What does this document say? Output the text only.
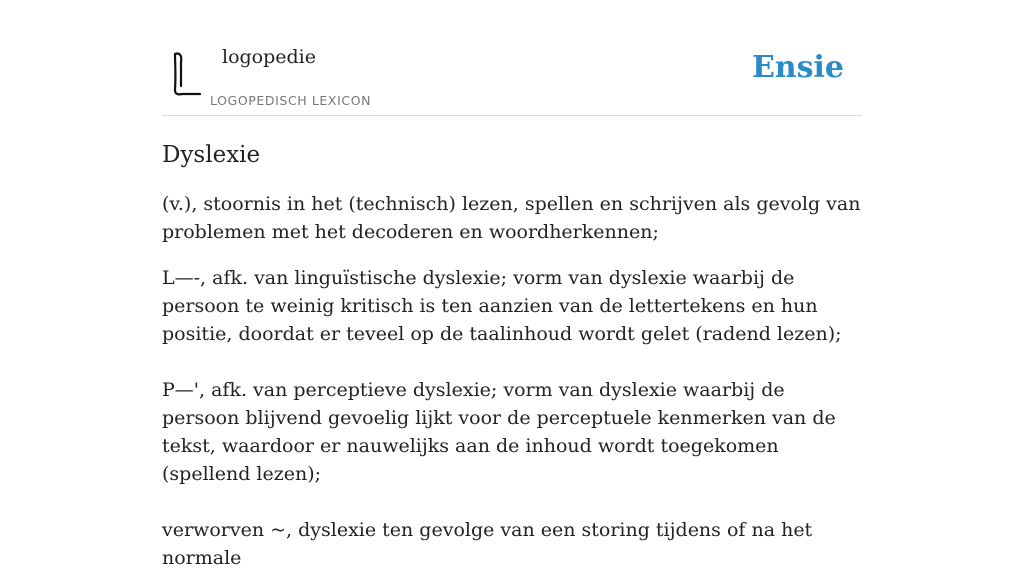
logopedie
LOGOPEDISCH LEXICON
Ensie
Dyslexie

(v.), stoornis in het (technisch) lezen, spellen en schrijven als gevolg van problemen met het decoderen en woordherkennen;

L—-, afk. van linguïstische dyslexie; vorm van dyslexie waarbij de persoon te weinig kritisch is ten aanzien van de lettertekens en hun positie, doordat er teveel op de taalinhoud wordt gelet (radend lezen);

P—', afk. van perceptieve dyslexie; vorm van dyslexie waarbij de persoon blijvend gevoelig lijkt voor de perceptuele kenmerken van de tekst, waardoor er nauwelijks aan de inhoud wordt toegekomen (spellend lezen);

verworven ~, dyslexie ten gevolge van een storing tijdens of na het normale
